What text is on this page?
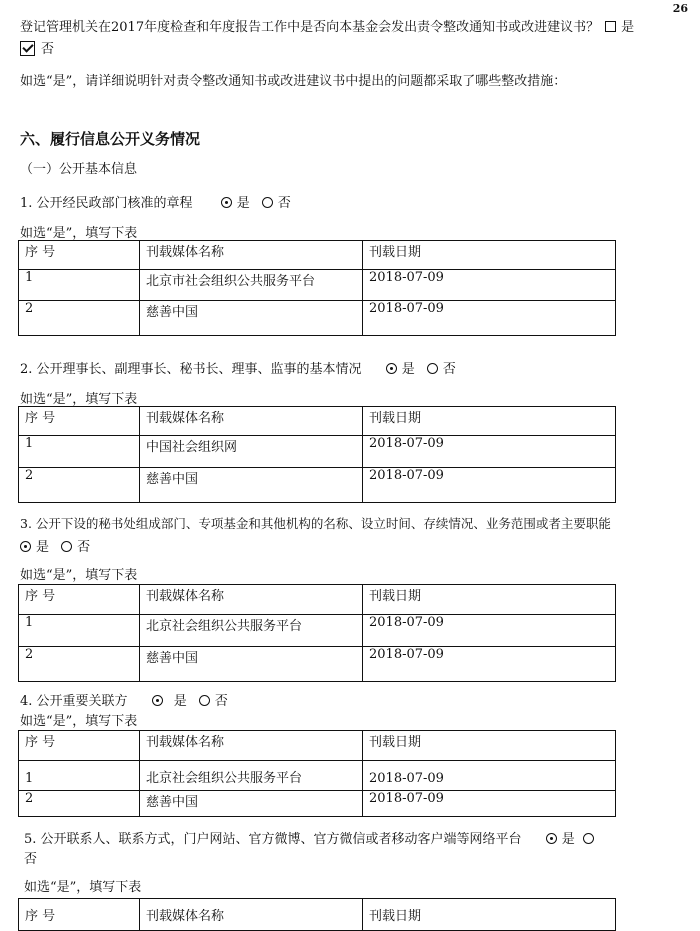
26
登记管理机关在2017年度检查和年度报告工作中是否向本基金会发出责令整改通知书或改进建议书？ 是
否
如选“是”，请详细说明针对责令整改通知书或改进建议书中提出的问题都采取了哪些整改措施：
六、履行信息公开义务情况
（一）公开基本信息
1. 公开经民政部门核准的章程	是 否
如选“是”，填写下表
序 号	刊载媒体名称	刊载日期
1	北京市社会组织公共服务平台	2018-07-09
2	慈善中国	2018-07-09
2. 公开理事长、副理事长、秘书长、理事、监事的基本情况	是 否
如选“是”，填写下表
序 号	刊载媒体名称	刊载日期
1	中国社会组织网	2018-07-09
2	慈善中国	2018-07-09
3. 公开下设的秘书处组成部门、专项基金和其他机构的名称、设立时间、存续情况、业务范围或者主要职能
是 否
如选“是”，填写下表
序 号	刊载媒体名称	刊载日期
1	北京社会组织公共服务平台	2018-07-09
2	慈善中国	2018-07-09
4. 公开重要关联方	是 否
如选“是”，填写下表
序 号	刊载媒体名称	刊载日期
1	北京社会组织公共服务平台	2018-07-09
2	慈善中国	2018-07-09
5. 公开联系人、联系方式，门户网站、官方微博、官方微信或者移动客户端等网络平台	是
否
如选“是”，填写下表
序 号	刊载媒体名称	刊载日期
